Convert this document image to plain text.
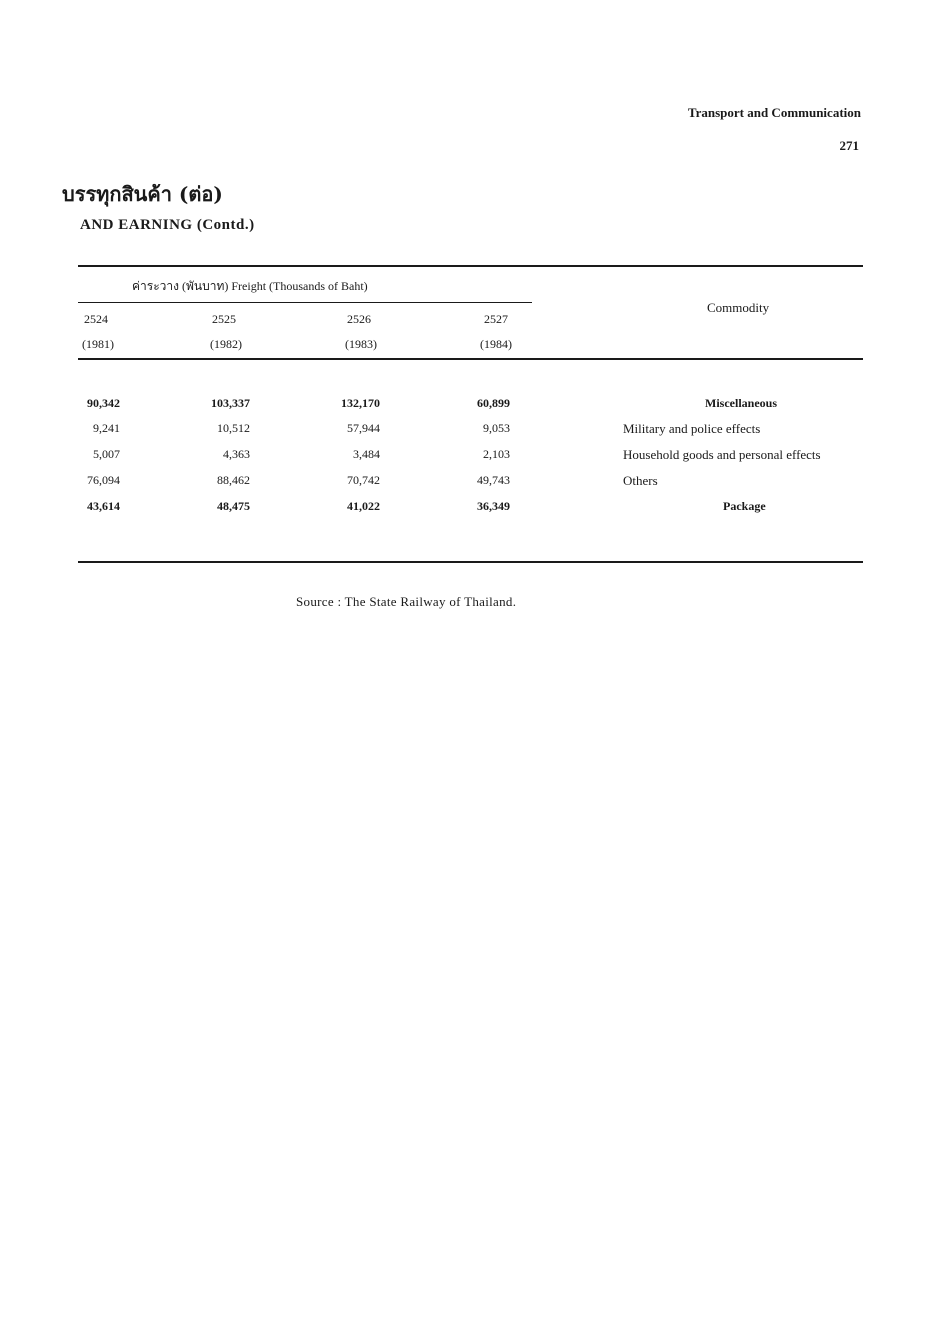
Transport and Communication
271
บรรทุกสินค้า (ต่อ)
AND EARNING (Contd.)
ค่าระวาง (พันบาท) Freight (Thousands of Baht)
Commodity
2524	2525	2526	2527
(1981)	(1982)	(1983)	(1984)
90,342	103,337	132,170	60,899	Miscellaneous
9,241	10,512	57,944	9,053	Military and police effects
5,007	4,363	3,484	2,103	Household goods and personal effects
76,094	88,462	70,742	49,743	Others
43,614	48,475	41,022	36,349	Package
Source : The State Railway of Thailand.
